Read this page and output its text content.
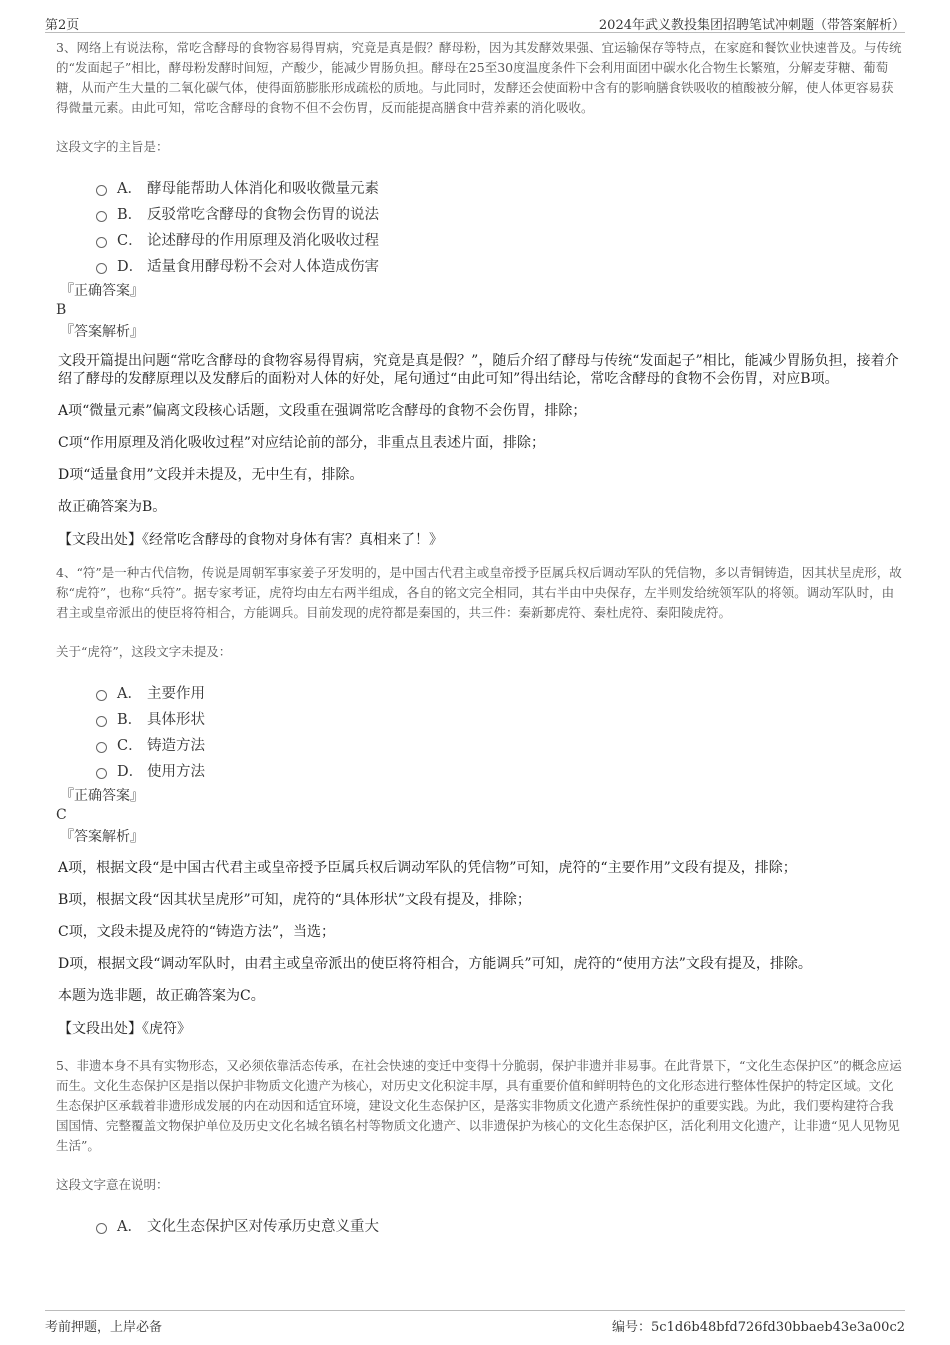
第2页	2024年武义教投集团招聘笔试冲刺题（带答案解析）

3、网络上有说法称，常吃含酵母的食物容易得胃病，究竟是真是假？酵母粉，因为其发酵效果强、宜运输保存等特点，在家庭和餐饮业快速普及。与传统的“发面起子”相比，酵母粉发酵时间短，产酸少，能减少胃肠负担。酵母在25至30度温度条件下会利用面团中碳水化合物生长繁殖，分解麦芽糖、葡萄糖，从而产生大量的二氧化碳气体，使得面筋膨胀形成疏松的质地。与此同时，发酵还会使面粉中含有的影响膳食铁吸收的植酸被分解，使人体更容易获得微量元素。由此可知，常吃含酵母的食物不但不会伤胃，反而能提高膳食中营养素的消化吸收。

这段文字的主旨是：

A． 酵母能帮助人体消化和吸收微量元素
B． 反驳常吃含酵母的食物会伤胃的说法
C． 论述酵母的作用原理及消化吸收过程
D． 适量食用酵母粉不会对人体造成伤害
『正确答案』
B
『答案解析』
文段开篇提出问题“常吃含酵母的食物容易得胃病，究竟是真是假？”，随后介绍了酵母与传统“发面起子”相比，能减少胃肠负担，接着介绍了酵母的发酵原理以及发酵后的面粉对人体的好处，尾句通过“由此可知”得出结论，常吃含酵母的食物不会伤胃，对应B项。
A项“微量元素”偏离文段核心话题，文段重在强调常吃含酵母的食物不会伤胃，排除；
C项“作用原理及消化吸收过程”对应结论前的部分，非重点且表述片面，排除；
D项“适量食用”文段并未提及，无中生有，排除。
故正确答案为B。
【文段出处】《经常吃含酵母的食物对身体有害？真相来了！》

4、“符”是一种古代信物，传说是周朝军事家姜子牙发明的，是中国古代君主或皇帝授予臣属兵权后调动军队的凭信物，多以青铜铸造，因其状呈虎形，故称“虎符”，也称“兵符”。据专家考证，虎符均由左右两半组成，各自的铭文完全相同，其右半由中央保存，左半则发给统领军队的将领。调动军队时，由君主或皇帝派出的使臣将符相合，方能调兵。目前发现的虎符都是秦国的，共三件：秦新郪虎符、秦杜虎符、秦阳陵虎符。

关于“虎符”，这段文字未提及：

A． 主要作用
B． 具体形状
C． 铸造方法
D． 使用方法
『正确答案』
C
『答案解析』
A项，根据文段“是中国古代君主或皇帝授予臣属兵权后调动军队的凭信物”可知，虎符的“主要作用”文段有提及，排除；
B项，根据文段“因其状呈虎形”可知，虎符的“具体形状”文段有提及，排除；
C项，文段未提及虎符的“铸造方法”，当选；
D项，根据文段“调动军队时，由君主或皇帝派出的使臣将符相合，方能调兵”可知，虎符的“使用方法”文段有提及，排除。
本题为选非题，故正确答案为C。
【文段出处】《虎符》

5、非遗本身不具有实物形态，又必须依靠活态传承，在社会快速的变迁中变得十分脆弱，保护非遗并非易事。在此背景下，“文化生态保护区”的概念应运而生。文化生态保护区是指以保护非物质文化遗产为核心，对历史文化积淀丰厚，具有重要价值和鲜明特色的文化形态进行整体性保护的特定区域。文化生态保护区承载着非遗形成发展的内在动因和适宜环境，建设文化生态保护区，是落实非物质文化遗产系统性保护的重要实践。为此，我们要构建符合我国国情、完整覆盖文物保护单位及历史文化名城名镇名村等物质文化遗产、以非遗保护为核心的文化生态保护区，活化利用文化遗产，让非遗“见人见物见生活”。

这段文字意在说明：

A． 文化生态保护区对传承历史意义重大
考前押题，上岸必备	编号：5c1d6b48bfd726fd30bbaeb43e3a00c2
